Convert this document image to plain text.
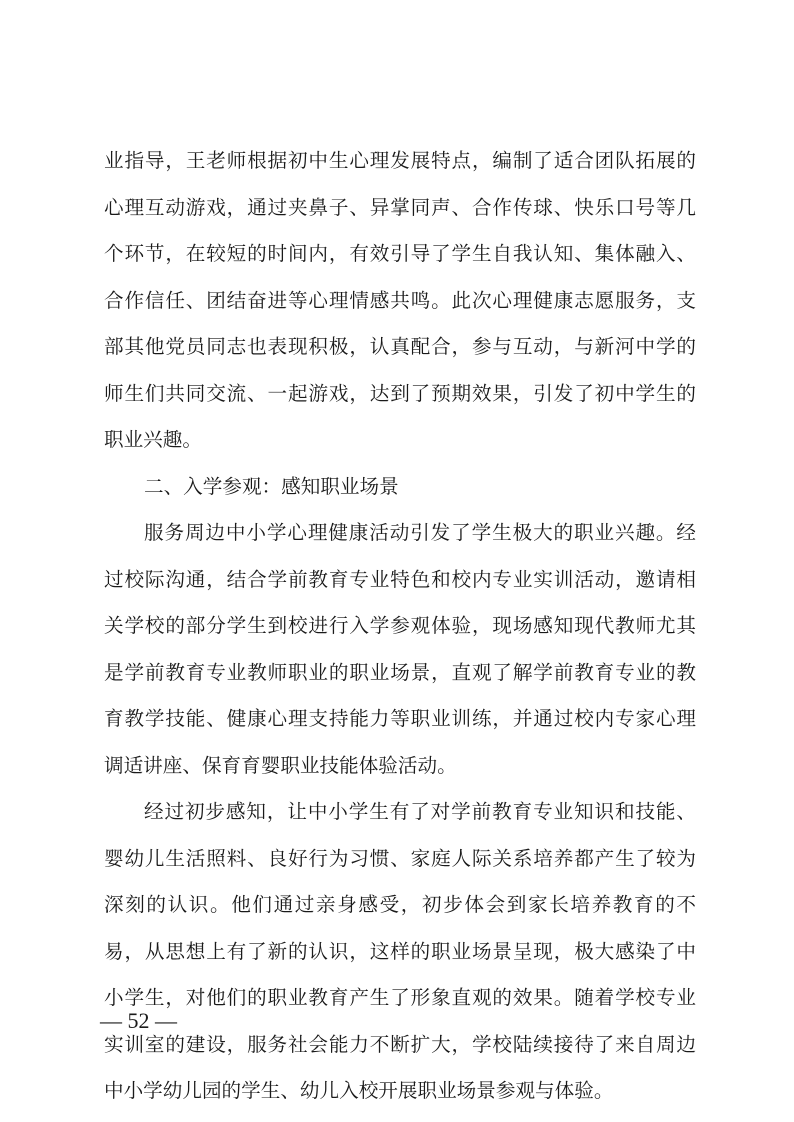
业指导，王老师根据初中生心理发展特点，编制了适合团队拓展的
心理互动游戏，通过夹鼻子、异掌同声、合作传球、快乐口号等几
个环节，在较短的时间内，有效引导了学生自我认知、集体融入、
合作信任、团结奋进等心理情感共鸣。此次心理健康志愿服务，支
部其他党员同志也表现积极，认真配合，参与互动，与新河中学的
师生们共同交流、一起游戏，达到了预期效果，引发了初中学生的
职业兴趣。
二、入学参观：感知职业场景
服务周边中小学心理健康活动引发了学生极大的职业兴趣。经
过校际沟通，结合学前教育专业特色和校内专业实训活动，邀请相
关学校的部分学生到校进行入学参观体验，现场感知现代教师尤其
是学前教育专业教师职业的职业场景，直观了解学前教育专业的教
育教学技能、健康心理支持能力等职业训练，并通过校内专家心理
调适讲座、保育育婴职业技能体验活动。
经过初步感知，让中小学生有了对学前教育专业知识和技能、
婴幼儿生活照料、良好行为习惯、家庭人际关系培养都产生了较为
深刻的认识。他们通过亲身感受，初步体会到家长培养教育的不
易，从思想上有了新的认识，这样的职业场景呈现，极大感染了中
小学生，对他们的职业教育产生了形象直观的效果。随着学校专业
实训室的建设，服务社会能力不断扩大，学校陆续接待了来自周边
中小学幼儿园的学生、幼儿入校开展职业场景参观与体验。
— 52 —
